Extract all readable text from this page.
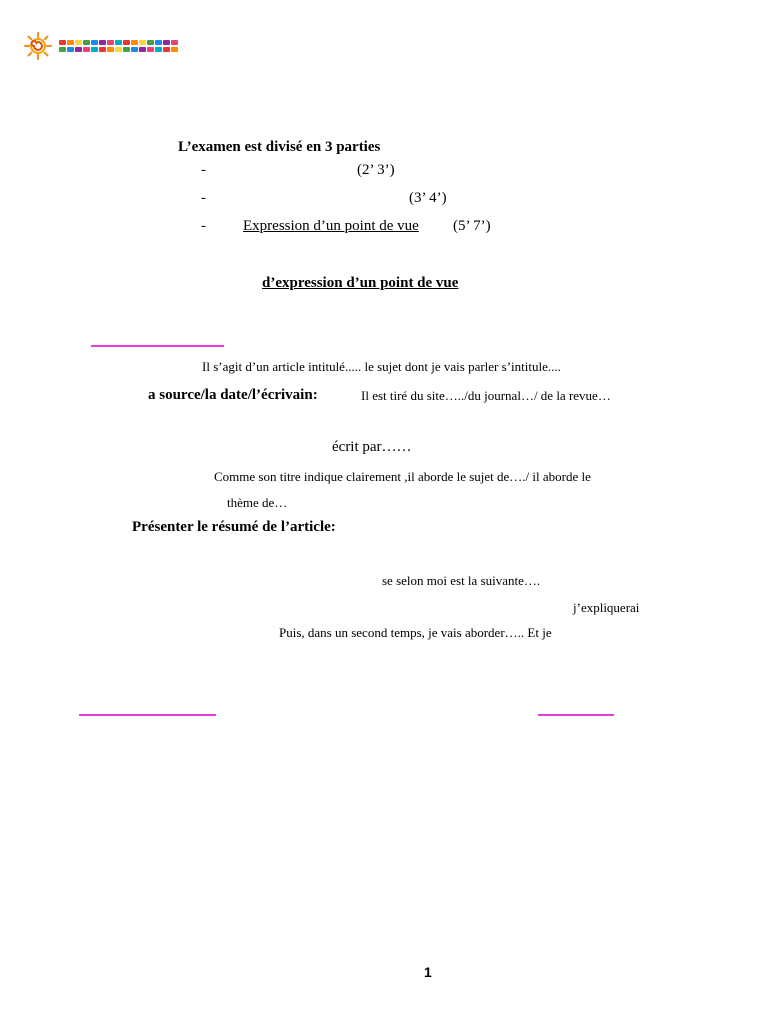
L’examen est divisé en 3 parties
-	(2’ 3’)
-	(3’ 4’)
- Expression d’un point de vue (5’ 7’)
d’expression d’un point de vue
Il s’agit d’un article intitulé..... le sujet dont je vais parler s’intitule....
a source/la date/l’écrivain:	Il est tiré du site…../du journal…/ de la revue…
écrit par……
Comme son titre indique clairement ,il aborde le sujet de…./ il aborde le
thème de…
Présenter le résumé de l’article:
se selon moi est la suivante….
j’expliquerai
Puis, dans un second temps, je vais aborder….. Et je
1
